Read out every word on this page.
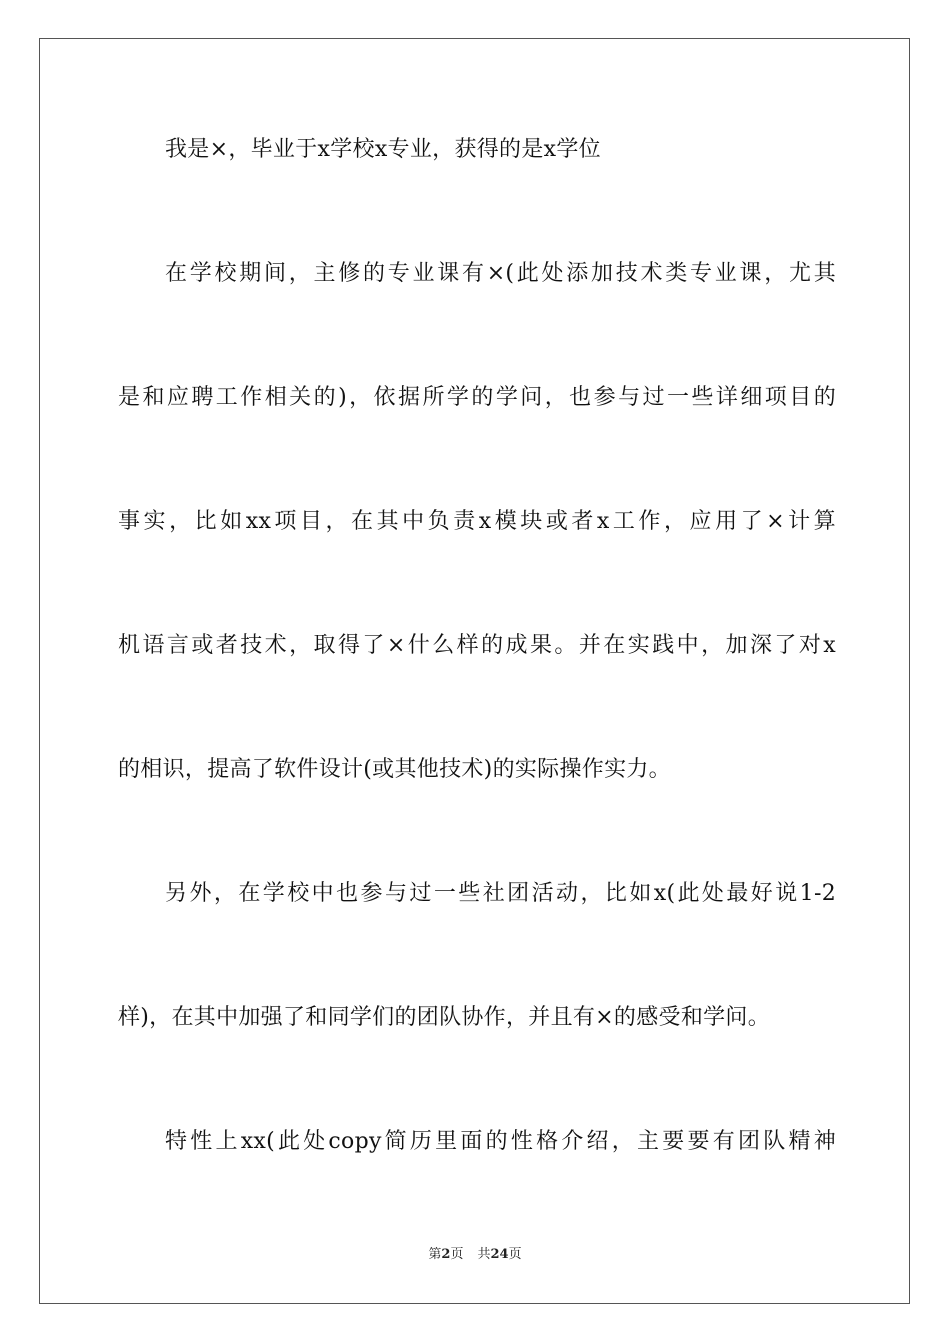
我是×，毕业于x学校x专业，获得的是x学位
在学校期间，主修的专业课有×(此处添加技术类专业课，尤其
是和应聘工作相关的)，依据所学的学问，也参与过一些详细项目的
事实，比如xx项目，在其中负责x模块或者x工作，应用了×计算
机语言或者技术，取得了×什么样的成果。并在实践中，加深了对x
的相识，提高了软件设计(或其他技术)的实际操作实力。
另外，在学校中也参与过一些社团活动，比如x(此处最好说1-2
样)，在其中加强了和同学们的团队协作，并且有×的感受和学问。
特性上xx(此处copy简历里面的性格介绍，主要要有团队精神
第2页 共24页
